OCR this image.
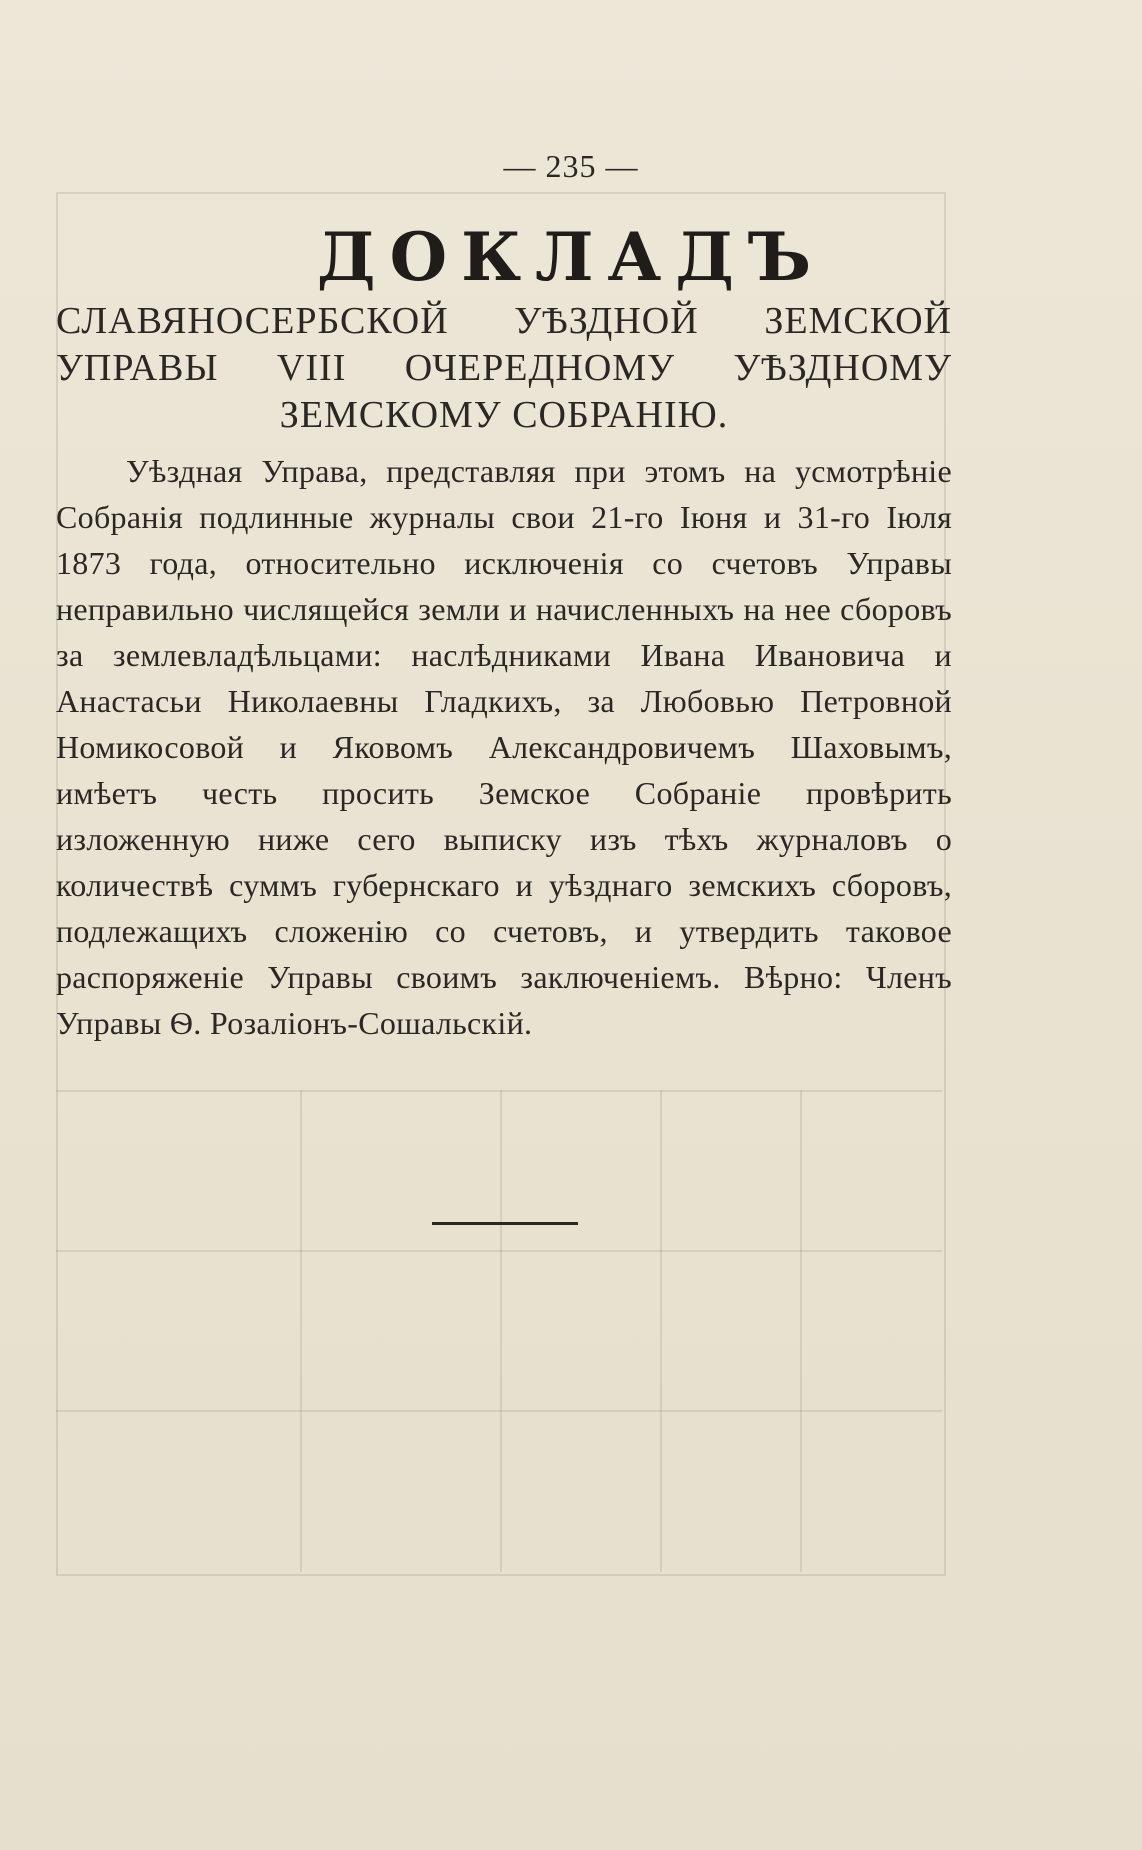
— 235 —
ДОКЛАДЪ
СЛАВЯНОСЕРБСКОЙ УѢЗДНОЙ ЗЕМСКОЙ УПРАВЫ VIII ОЧЕРЕДНОМУ УѢЗДНОМУ ЗЕМСКОМУ СОБРАНІЮ.
Уѣздная Управа, представляя при этомъ на усмотрѣніе Собранія подлинные журналы свои 21-го Іюня и 31-го Іюля 1873 года, относительно исключенія со счетовъ Управы неправильно числящейся земли и начисленныхъ на нее сборовъ за землевладѣльцами: наслѣдниками Ивана Ивановича и Анастасьи Николаевны Гладкихъ, за Любовью Петровной Номикосовой и Яковомъ Александровичемъ Шаховымъ, имѣетъ честь просить Земское Собраніе провѣрить изложенную ниже сего выписку изъ тѣхъ журналовъ о количествѣ суммъ губернскаго и уѣзднаго земскихъ сборовъ, подлежащихъ сложенію со счетовъ, и утвердить таковое распоряженіе Управы своимъ заключеніемъ. Вѣрно: Членъ Управы Ѳ. Розаліонъ-Сошальскій.
